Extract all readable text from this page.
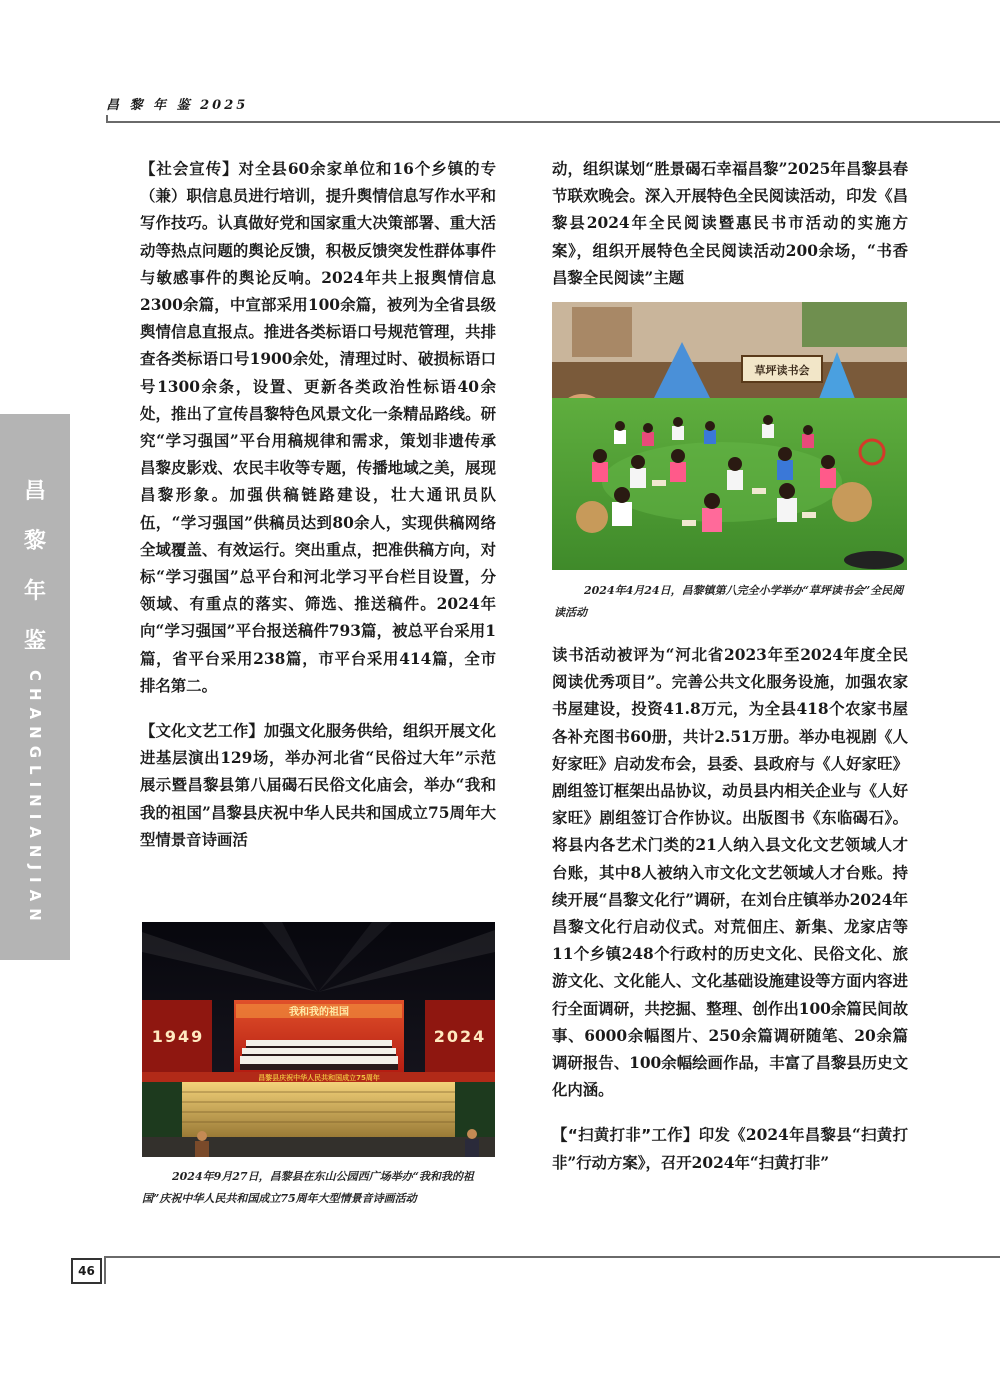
昌 黎 年 鉴 2025
昌
黎
年
鉴
CHANGLINIANJIAN

【社会宣传】对全县60余家单位和16个乡镇的专（兼）职信息员进行培训，提升舆情信息写作水平和写作技巧。认真做好党和国家重大决策部署、重大活动等热点问题的舆论反馈，积极反馈突发性群体事件与敏感事件的舆论反响。2024年共上报舆情信息2300余篇，中宣部采用100余篇，被列为全省县级舆情信息直报点。推进各类标语口号规范管理，共排查各类标语口号1900余处，清理过时、破损标语口号1300余条，设置、更新各类政治性标语40余处，推出了宣传昌黎特色风景文化一条精品路线。研究“学习强国”平台用稿规律和需求，策划非遗传承昌黎皮影戏、农民丰收等专题，传播地域之美，展现昌黎形象。加强供稿链路建设，壮大通讯员队伍，“学习强国”供稿员达到80余人，实现供稿网络全域覆盖、有效运行。突出重点，把准供稿方向，对标“学习强国”总平台和河北学习平台栏目设置，分领域、有重点的落实、筛选、推送稿件。2024年向“学习强国”平台报送稿件793篇，被总平台采用1篇，省平台采用238篇，市平台采用414篇，全市排名第二。

【文化文艺工作】加强文化服务供给，组织开展文化进基层演出129场，举办河北省“民俗过大年”示范展示暨昌黎县第八届碣石民俗文化庙会，举办“我和我的祖国”昌黎县庆祝中华人民共和国成立75周年大型情景音诗画活

我和我的祖国
1949	2024
昌黎县庆祝中华人民共和国成立75周年
2024年9月27日，昌黎县在东山公园西广场举办“我和我的祖国”庆祝中华人民共和国成立75周年大型情景音诗画活动

动，组织谋划“胜景碣石幸福昌黎”2025年昌黎县春节联欢晚会。深入开展特色全民阅读活动，印发《昌黎县2024年全民阅读暨惠民书市活动的实施方案》，组织开展特色全民阅读活动200余场，“书香昌黎全民阅读”主题

草坪读书会
2024年4月24日，昌黎镇第八完全小学举办“草坪读书会”全民阅读活动

读书活动被评为“河北省2023年至2024年度全民阅读优秀项目”。完善公共文化服务设施，加强农家书屋建设，投资41.8万元，为全县418个农家书屋各补充图书60册，共计2.51万册。举办电视剧《人好家旺》启动发布会，县委、县政府与《人好家旺》剧组签订框架出品协议，动员县内相关企业与《人好家旺》剧组签订合作协议。出版图书《东临碣石》。将县内各艺术门类的21人纳入县文化文艺领域人才台账，其中8人被纳入市文化文艺领域人才台账。持续开展“昌黎文化行”调研，在刘台庄镇举办2024年昌黎文化行启动仪式。对荒佃庄、新集、龙家店等11个乡镇248个行政村的历史文化、民俗文化、旅游文化、文化能人、文化基础设施建设等方面内容进行全面调研，共挖掘、整理、创作出100余篇民间故事、6000余幅图片、250余篇调研随笔、20余篇调研报告、100余幅绘画作品，丰富了昌黎县历史文化内涵。

【“扫黄打非”工作】印发《2024年昌黎县“扫黄打非”行动方案》，召开2024年“扫黄打非”

46
